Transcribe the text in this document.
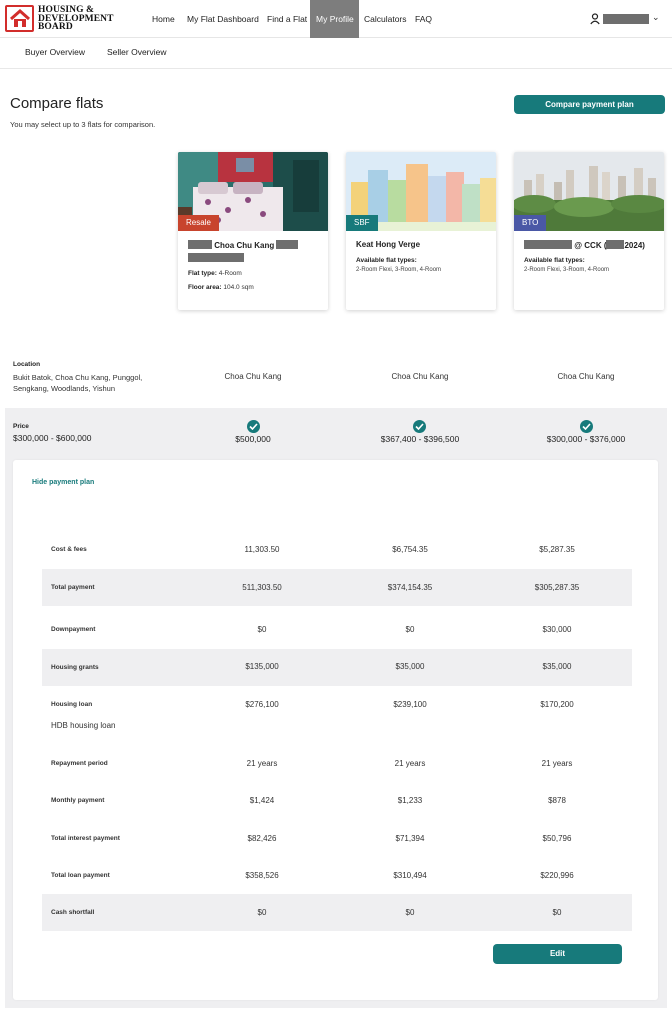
HOUSING &
DEVELOPMENT
BOARD
Home My Flat Dashboard Find a Flat	My Profile	Calculators FAQ	⌄
Buyer Overview	Seller Overview
Compare flats
You may select up to 3 flats for comparison.
Compare payment plan
Resale
Choa Chu Kang
Flat type: 4-Room
Floor area: 104.0 sqm
SBF
Keat Hong Verge
Available flat types:
2-Room Flexi, 3-Room, 4-Room
BTO
@ CCK ( 2024)
Available flat types:
2-Room Flexi, 3-Room, 4-Room
Location
Bukit Batok, Choa Chu Kang, Punggol, Sengkang, Woodlands, Yishun
Choa Chu Kang	Choa Chu Kang	Choa Chu Kang
Price
$300,000 - $600,000	$500,000	$367,400 - $396,500	$300,000 - $376,000
Hide payment plan
Cost & fees	11,303.50	$6,754.35	$5,287.35
Total payment	511,303.50	$374,154.35	$305,287.35
Downpayment	$0	$0	$30,000
Housing grants	$135,000	$35,000	$35,000
Housing loan	$276,100	$239,100	$170,200
HDB housing loan
Repayment period	21 years	21 years	21 years
Monthly payment	$1,424	$1,233	$878
Total interest payment	$82,426	$71,394	$50,796
Total loan payment	$358,526	$310,494	$220,996
Cash shortfall	$0	$0	$0
Edit
